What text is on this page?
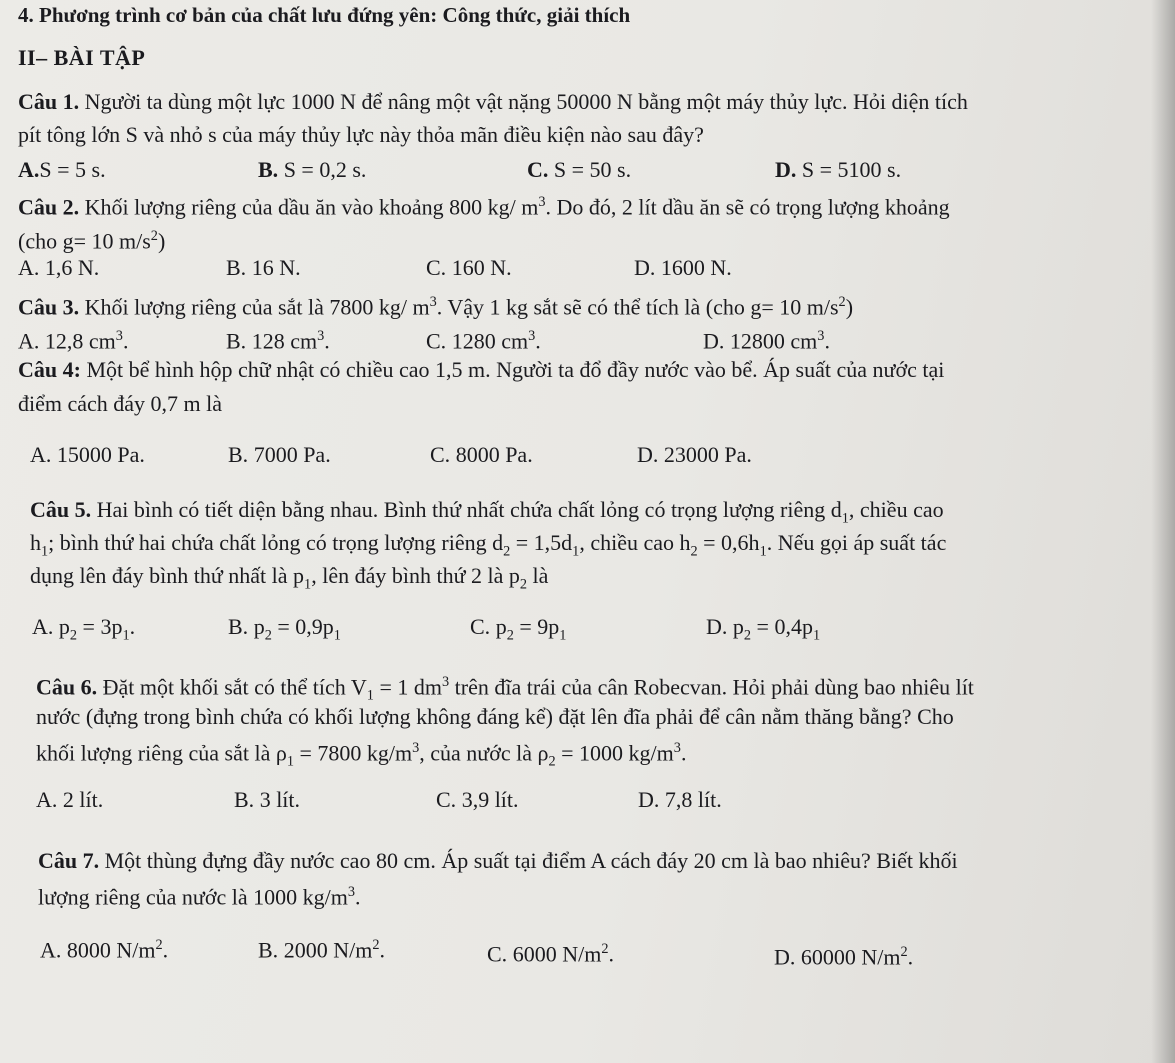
4. Phương trình cơ bản của chất lưu đứng yên: Công thức, giải thích
II– BÀI TẬP
Câu 1. Người ta dùng một lực 1000 N để nâng một vật nặng 50000 N bằng một máy thủy lực. Hỏi diện tích
pít tông lớn S và nhỏ s của máy thủy lực này thỏa mãn điều kiện nào sau đây?
A.S = 5 s.	B. S = 0,2 s.	C. S = 50 s.	D. S = 5100 s.
Câu 2. Khối lượng riêng của dầu ăn vào khoảng 800 kg/ $m^3$. Do đó, 2 lít dầu ăn sẽ có trọng lượng khoảng
(cho g= 10 $m/s^2$)
A. 1,6 N.	B. 16 N.	C. 160 N.	D. 1600 N.
Câu 3. Khối lượng riêng của sắt là 7800 kg/ $m^3$. Vậy 1 kg sắt sẽ có thể tích là (cho g= 10 $m/s^2$)
A. 12,8 $cm^3$.	B. 128 $cm^3$.	C. 1280 $cm^3$.	D. 12800 $cm^3$.
Câu 4: Một bể hình hộp chữ nhật có chiều cao 1,5 m. Người ta đổ đầy nước vào bể. Áp suất của nước tại
điểm cách đáy 0,7 m là
A. 15000 Pa.	B. 7000 Pa.	C. 8000 Pa.	D. 23000 Pa.
Câu 5. Hai bình có tiết diện bằng nhau. Bình thứ nhất chứa chất lỏng có trọng lượng riêng $d_1$, chiều cao
$h_1$; bình thứ hai chứa chất lỏng có trọng lượng riêng $d_2 = 1,5d_1$, chiều cao $h_2 = 0,6h_1$. Nếu gọi áp suất tác
dụng lên đáy bình thứ nhất là $p_1$, lên đáy bình thứ 2 là $p_2$ là
A. $p_2 = 3p_1$.	B. $p_2 = 0,9p_1$	C. $p_2 = 9p_1$	D. $p_2 = 0,4p_1$
Câu 6. Đặt một khối sắt có thể tích $V_1 = 1$ $dm^3$ trên đĩa trái của cân Robecvan. Hỏi phải dùng bao nhiêu lít
nước (đựng trong bình chứa có khối lượng không đáng kể) đặt lên đĩa phải để cân nằm thăng bằng? Cho
khối lượng riêng của sắt là $\rho_1 = 7800$ $kg/m^3$, của nước là $\rho_2 = 1000$ $kg/m^3$.
A. 2 lít.	B. 3 lít.	C. 3,9 lít.	D. 7,8 lít.
Câu 7. Một thùng đựng đầy nước cao 80 cm. Áp suất tại điểm A cách đáy 20 cm là bao nhiêu? Biết khối
lượng riêng của nước là 1000 $kg/m^3$.
A. 8000 $N/m^2$.	B. 2000 $N/m^2$.	C. 6000 $N/m^2$.	D. 60000 $N/m^2$.
